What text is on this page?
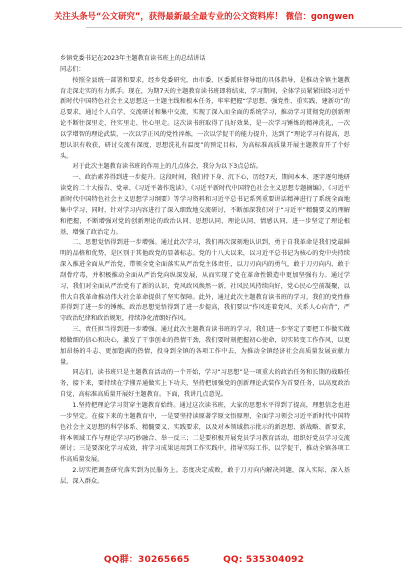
关注头条号“公文研究”，获得最新最全最专业的公文资料库！ 微信：gongwen

乡镇党委书记在2023年主题教育读书班上的总结讲话

同志们：

按照全县统一部署和要求，经乡党委研究，由市委、区委派驻督导组的具体指导，是推动全镇主题教育走深走实的有力抓手。现在，为期7天的主题教育读书班即将结束，学习期间，全体学员紧紧围绕习近平新时代中国特色社会主义思想这一主题主线和根本任务，牢牢把握“学思想、强党性、重实践、建新功”的总要求，通过个人自学、交流研讨和集中交流，实现了深入而全面的系统学习，推动学习贯彻党的创新理论不断往深里走、往实里走、往心里走。这次读书班取得了良好效果，是一次学习锤炼的精神洗礼，一次以学增智的理论武装，一次以学正风的党性淬炼，一次以学促干的能力提升，达到了“理论学习有提高，思想认识有收获，研讨交流有深度，思想洗礼有温度”的预定目标，为高标准高质量开展主题教育开了个好头。

对于此次主题教育读书班的作用上的几点体会，我分为以下3点总结。

一、政治素养得到进一步提升。这段时间，我们持下身、沉下心，历经7天，期间本本、逐字逐句地研读党的二十大报告、党章、《习近平著作选读》、《习近平新时代中国特色社会主义思想专题摘编》、《习近平新时代中国特色社会主义思想学习纲要》等学习资料和习近平总书记系列重要讲话精神进行了系统全面地集中学习，同时，针对学习内容进行了深入细致地交流研讨，不断加深我们对于“习近平”精髓要义的理解和把握，不断增强对党的创新理论的政治认同、思想认同、理论认同、情感认同，进一步坚定了理论根基，增强了政治定力。

二、思想觉悟得到进一步增强。通过此次学习，我们再次深刻地认识到，勇于自我革命是我们党最鲜明的品格和优势，是区别于其他政党的显著标志。党的十八大以来，以习近平总书记为核心的党中央持续深入推进全面从严治党，带领全党全面落实从严治党主体责任，以刀刃向内的勇气，敢于刀刃向内、敢于刮骨疗毒，并积极推动全面从严治党向纵深发展，从而实现了党在革命性锻造中更加坚强有力。通过学习，我们对全面从严治党有了新的认识，党风政风焕然一新，社风民风持续向好，党心民心空前凝聚，以伟大自我革命推动伟大社会革命提供了坚实保障。此外，通过此次主题教育读书班的学习，我们的党性修养得到了进一步的锤炼，政治思想觉悟得到了进一步提高，我们要以“作风连着党风，关系人心向背”，严守政治纪律和政治规矩，持续净化清朗好作风。

三、责任担当得到进一步增强。通过此次主题教育读书班的学习，我们进一步坚定了要把工作做实做精做细的信心和决心，激发了干事创业的热情干劲，我们要时刻把握初心使命，切实转变工作作风，以更加昂扬的斗志、更加饱满的热情，投身到全镇的各项工作中去，为推动全镇经济社会高质量发展贡献力量。

同志们，读书班只是主题教育活动的一个开始，学习“习思想”是一项重大的政治任务和长期的战略任务，接下来，要持续在学懂弄通做实上下功夫，坚持把加强党的创新理论武装作为首要任务，以高度政治自觉，高标准高质量开展好主题教育。下面，我讲几点意见。

1.坚持把理论学习贯穿主题教育始终。通过这次读书班，大家的思想水平得到了提高，理想信念也进一步坚定。在接下来的主题教育中，一是要坚持读原著学原文悟原理，全面学习领会习近平新时代中国特色社会主义思想的科学体系、精髓要义、实践要求，以及对本领域指示批示的新思想、新战略、新要求，将本领域工作与理论学习巧妙融合、举一反三；二是要积极开展党员学习教育活动，组织好党员学习交流研讨；三是要深化学习成效，将学习成果运用到工作实践中，指导实际工作，以学促干，推动全镇各项工作高质量发展。

2.切实把调查研究落实到为民服务上。态度决定成败，敢于刀刃向内解决问题，深入实际、深入基层、深入群众。

QQ群：30265665	QQ: 535304092
